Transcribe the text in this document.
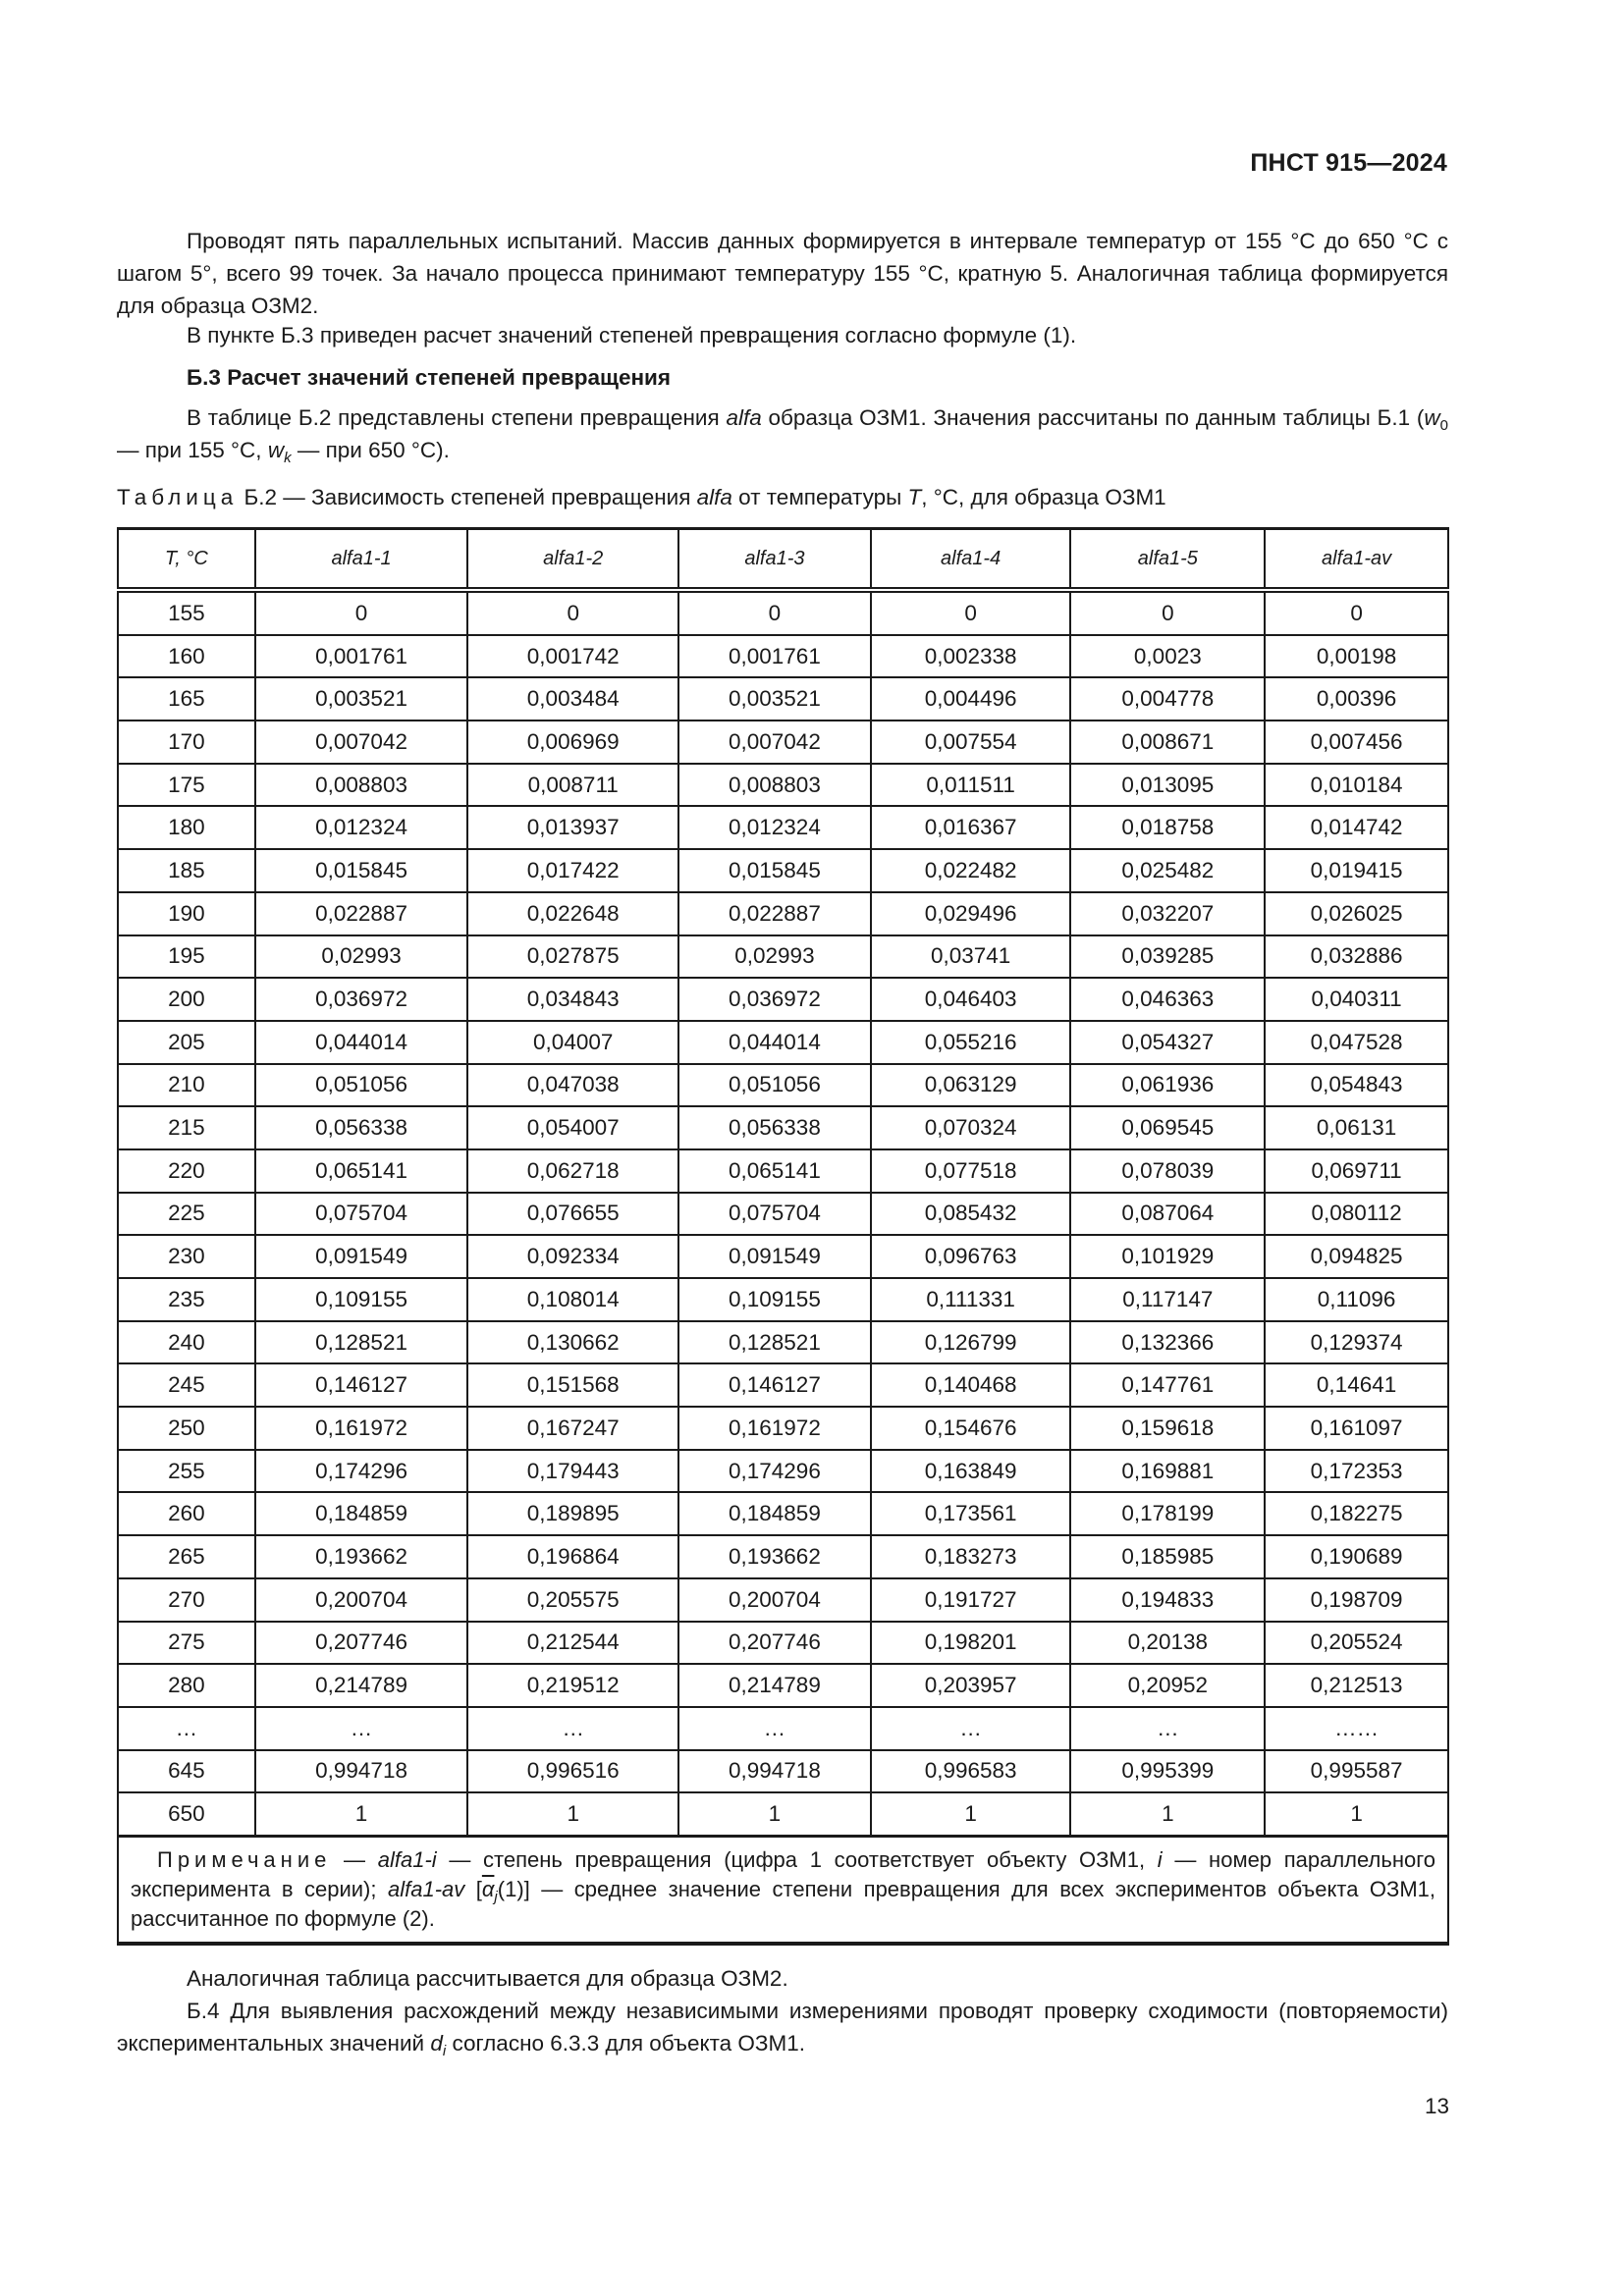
ПНСТ 915—2024
Проводят пять параллельных испытаний. Массив данных формируется в интервале температур от 155 °С до 650 °С с шагом 5°, всего 99 точек. За начало процесса принимают температуру 155 °С, кратную 5. Аналогичная таблица формируется для образца ОЗМ2.
В пункте Б.3 приведен расчет значений степеней превращения согласно формуле (1).
Б.3 Расчет значений степеней превращения
В таблице Б.2 представлены степени превращения alfa образца ОЗМ1. Значения рассчитаны по данным таблицы Б.1 ($w_0$ — при 155 °С, $w_k$ — при 650 °С).
Таблица Б.2 — Зависимость степеней превращения alfa от температуры T, °С, для образца ОЗМ1
T, °С	alfa1-1	alfa1-2	alfa1-3	alfa1-4	alfa1-5	alfa1-av
155	0	0	0	0	0	0
160	0,001761	0,001742	0,001761	0,002338	0,0023	0,00198
165	0,003521	0,003484	0,003521	0,004496	0,004778	0,00396
170	0,007042	0,006969	0,007042	0,007554	0,008671	0,007456
175	0,008803	0,008711	0,008803	0,011511	0,013095	0,010184
180	0,012324	0,013937	0,012324	0,016367	0,018758	0,014742
185	0,015845	0,017422	0,015845	0,022482	0,025482	0,019415
190	0,022887	0,022648	0,022887	0,029496	0,032207	0,026025
195	0,02993	0,027875	0,02993	0,03741	0,039285	0,032886
200	0,036972	0,034843	0,036972	0,046403	0,046363	0,040311
205	0,044014	0,04007	0,044014	0,055216	0,054327	0,047528
210	0,051056	0,047038	0,051056	0,063129	0,061936	0,054843
215	0,056338	0,054007	0,056338	0,070324	0,069545	0,06131
220	0,065141	0,062718	0,065141	0,077518	0,078039	0,069711
225	0,075704	0,076655	0,075704	0,085432	0,087064	0,080112
230	0,091549	0,092334	0,091549	0,096763	0,101929	0,094825
235	0,109155	0,108014	0,109155	0,111331	0,117147	0,11096
240	0,128521	0,130662	0,128521	0,126799	0,132366	0,129374
245	0,146127	0,151568	0,146127	0,140468	0,147761	0,14641
250	0,161972	0,167247	0,161972	0,154676	0,159618	0,161097
255	0,174296	0,179443	0,174296	0,163849	0,169881	0,172353
260	0,184859	0,189895	0,184859	0,173561	0,178199	0,182275
265	0,193662	0,196864	0,193662	0,183273	0,185985	0,190689
270	0,200704	0,205575	0,200704	0,191727	0,194833	0,198709
275	0,207746	0,212544	0,207746	0,198201	0,20138	0,205524
280	0,214789	0,219512	0,214789	0,203957	0,20952	0,212513
…	…	…	…	…	…	……
645	0,994718	0,996516	0,994718	0,996583	0,995399	0,995587
650	1	1	1	1	1	1
Примечание — alfa1-i — степень превращения (цифра 1 соответствует объекту ОЗМ1, i — номер параллельного эксперимента в серии); alfa1-av $[\overline{\alpha}_j(1)]$ — среднее значение степени превращения для всех экспериментов объекта ОЗМ1, рассчитанное по формуле (2).						
Аналогичная таблица рассчитывается для образца ОЗМ2.
Б.4 Для выявления расхождений между независимыми измерениями проводят проверку сходимости (повторяемости) экспериментальных значений $d_i$ согласно 6.3.3 для объекта ОЗМ1.
13
